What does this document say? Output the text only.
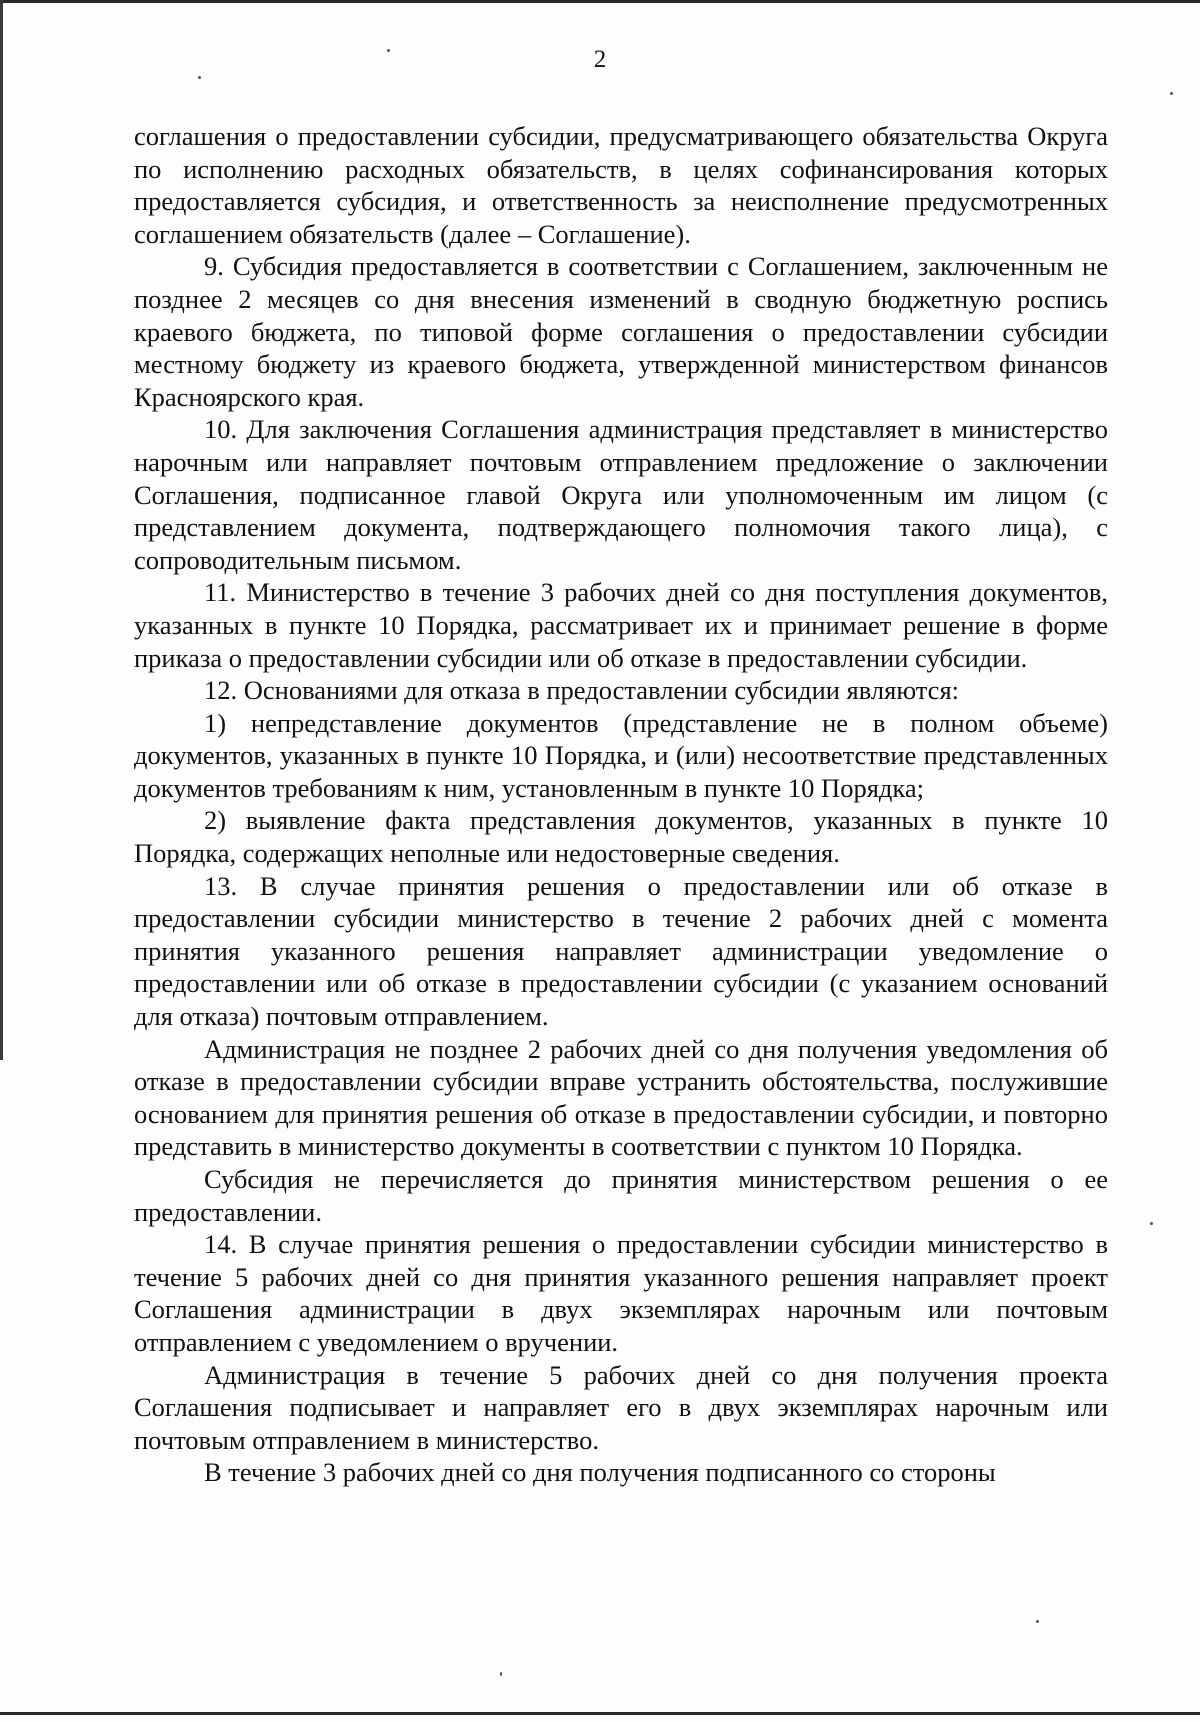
2

соглашения о предоставлении субсидии, предусматривающего обязательства Округа по исполнению расходных обязательств, в целях софинансирования которых предоставляется субсидия, и ответственность за неисполнение предусмотренных соглашением обязательств (далее – Соглашение).

9. Субсидия предоставляется в соответствии с Соглашением, заключенным не позднее 2 месяцев со дня внесения изменений в сводную бюджетную роспись краевого бюджета, по типовой форме соглашения о предоставлении субсидии местному бюджету из краевого бюджета, утвержденной министерством финансов Красноярского края.

10. Для заключения Соглашения администрация представляет в министерство нарочным или направляет почтовым отправлением предложение о заключении Соглашения, подписанное главой Округа или уполномоченным им лицом (с представлением документа, подтверждающего полномочия такого лица), с сопроводительным письмом.

11. Министерство в течение 3 рабочих дней со дня поступления документов, указанных в пункте 10 Порядка, рассматривает их и принимает решение в форме приказа о предоставлении субсидии или об отказе в предоставлении субсидии.

12. Основаниями для отказа в предоставлении субсидии являются:

1) непредставление документов (представление не в полном объеме) документов, указанных в пункте 10 Порядка, и (или) несоответствие представленных документов требованиям к ним, установленным в пункте 10 Порядка;

2) выявление факта представления документов, указанных в пункте 10 Порядка, содержащих неполные или недостоверные сведения.

13. В случае принятия решения о предоставлении или об отказе в предоставлении субсидии министерство в течение 2 рабочих дней с момента принятия указанного решения направляет администрации уведомление о предоставлении или об отказе в предоставлении субсидии (с указанием оснований для отказа) почтовым отправлением.

Администрация не позднее 2 рабочих дней со дня получения уведомления об отказе в предоставлении субсидии вправе устранить обстоятельства, послужившие основанием для принятия решения об отказе в предоставлении субсидии, и повторно представить в министерство документы в соответствии с пунктом 10 Порядка.

Субсидия не перечисляется до принятия министерством решения о ее предоставлении.

14. В случае принятия решения о предоставлении субсидии министерство в течение 5 рабочих дней со дня принятия указанного решения направляет проект Соглашения администрации в двух экземплярах нарочным или почтовым отправлением с уведомлением о вручении.

Администрация в течение 5 рабочих дней со дня получения проекта Соглашения подписывает и направляет его в двух экземплярах нарочным или почтовым отправлением в министерство.

В течение 3 рабочих дней со дня получения подписанного со стороны
